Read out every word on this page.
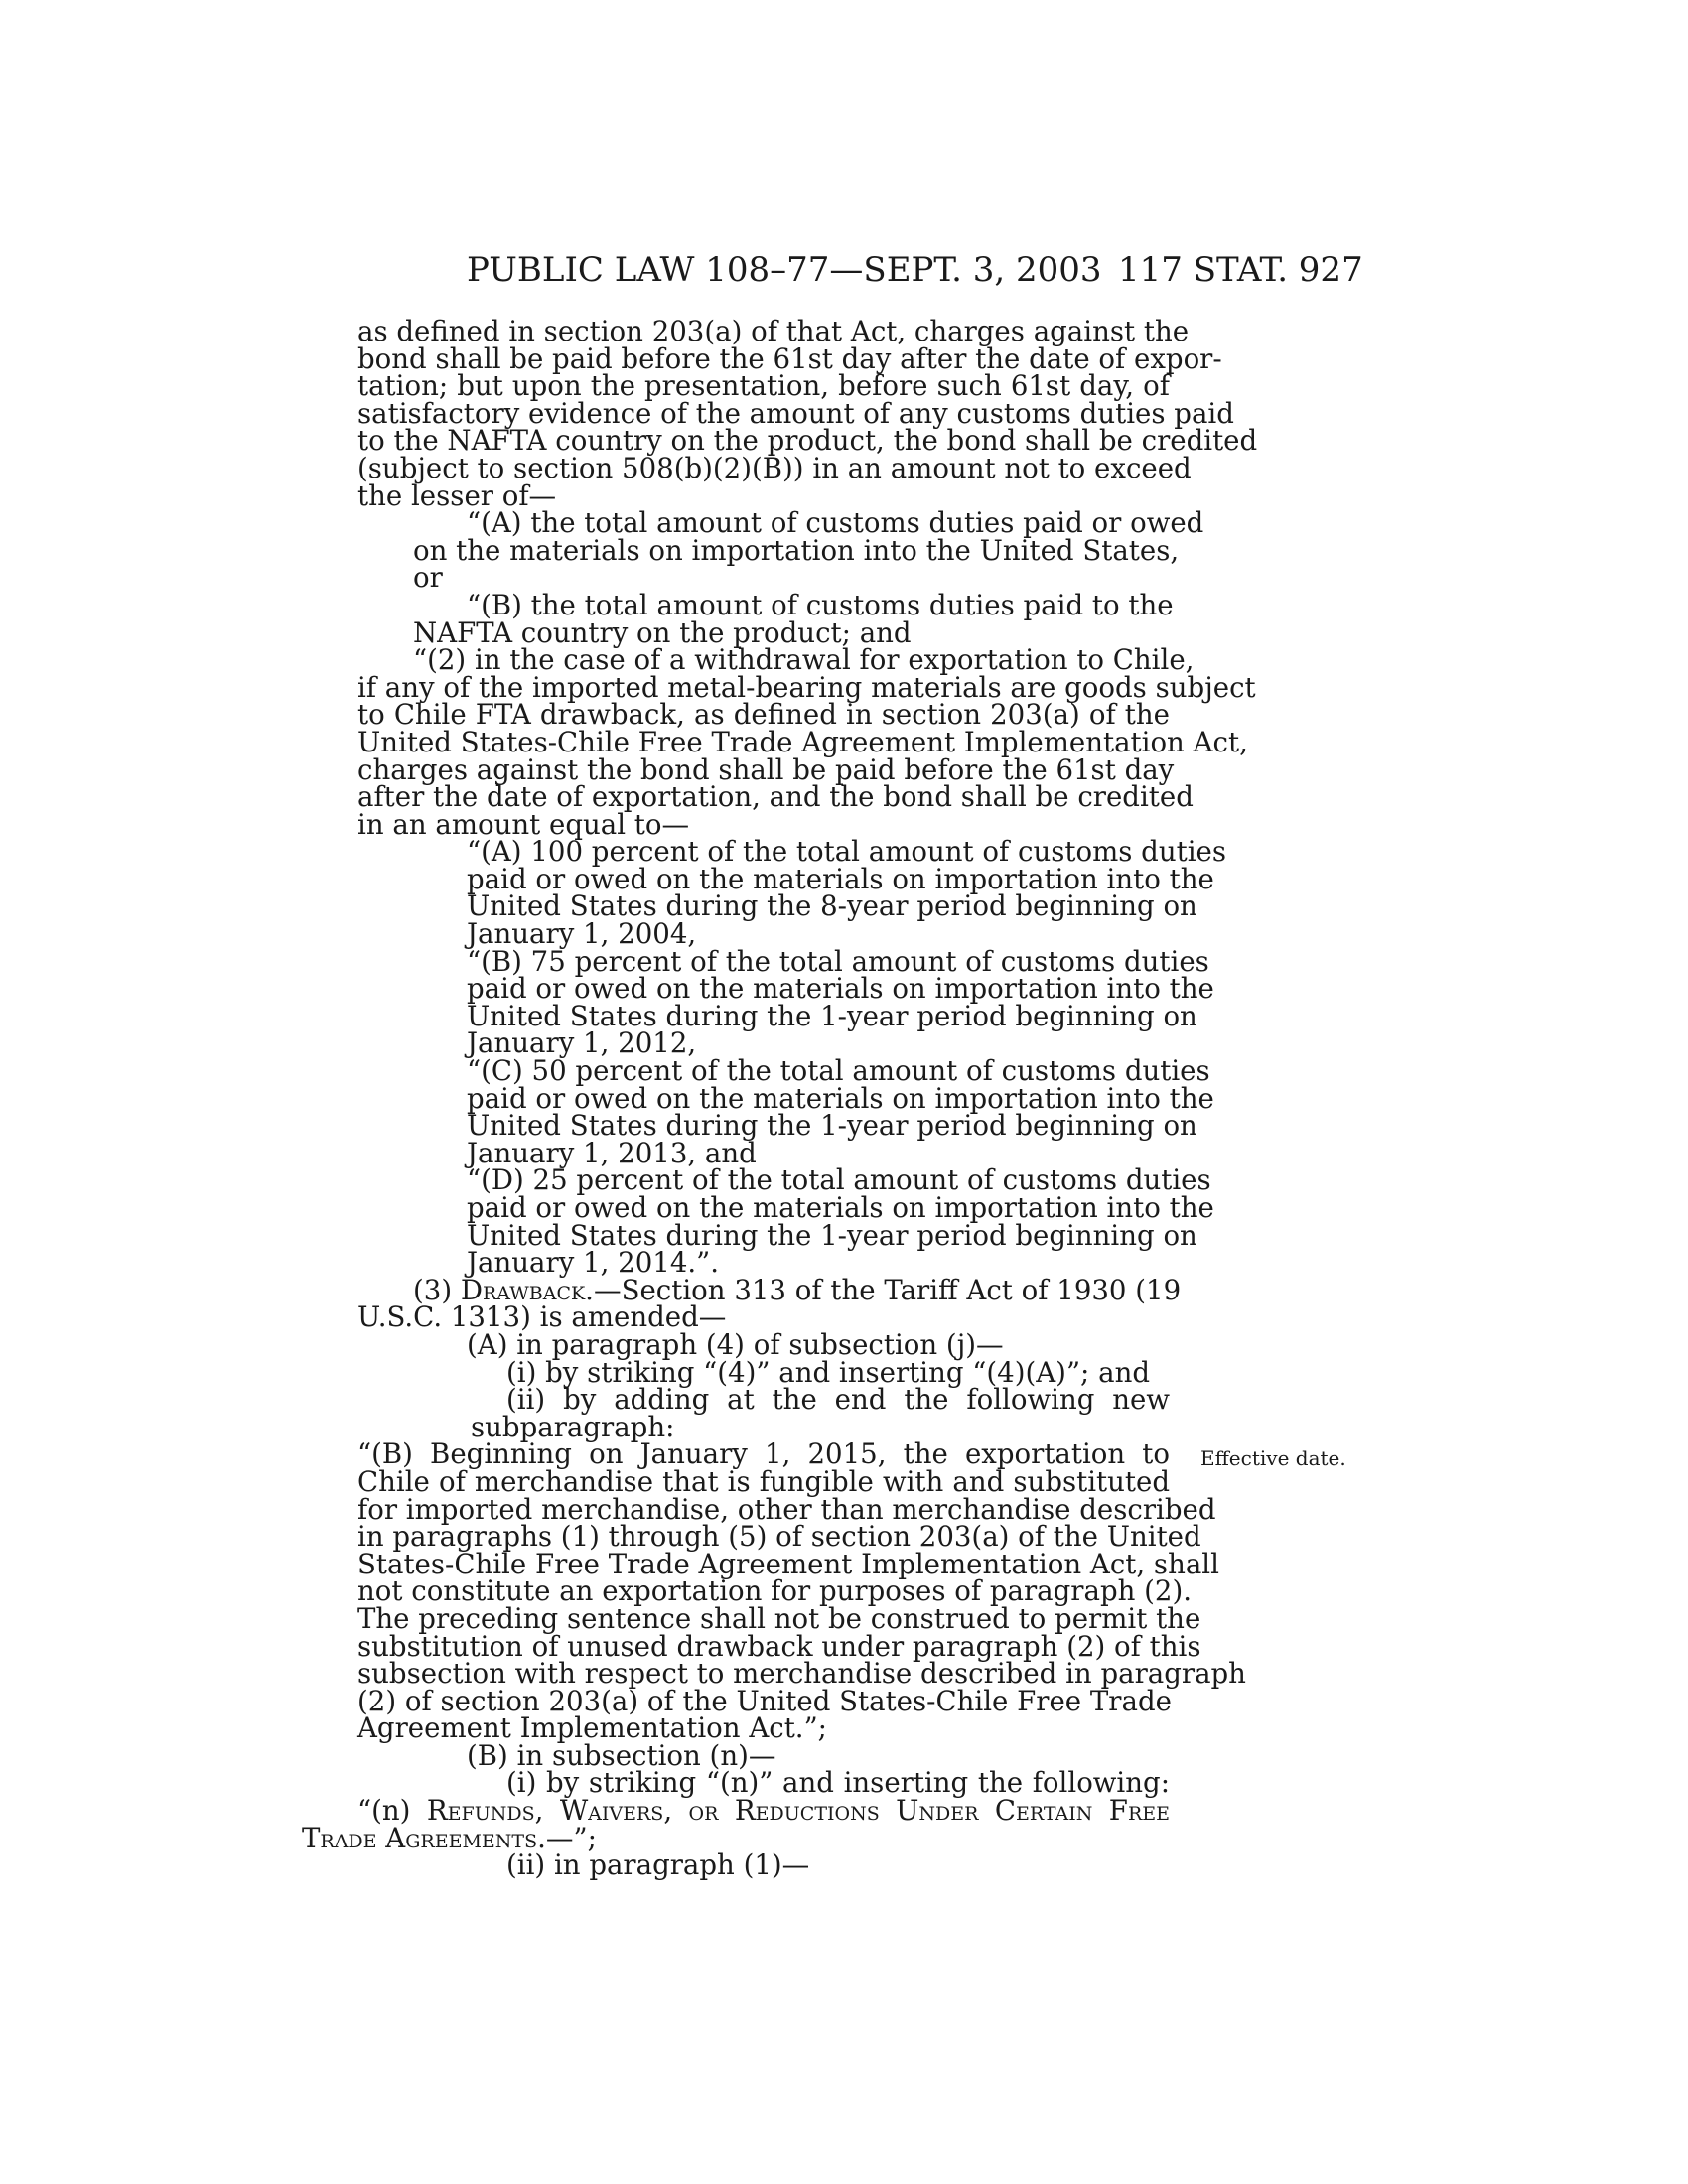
PUBLIC LAW 108–77—SEPT. 3, 2003 117 STAT. 927
as defined in section 203(a) of that Act, charges against the
bond shall be paid before the 61st day after the date of expor-
tation; but upon the presentation, before such 61st day, of
satisfactory evidence of the amount of any customs duties paid
to the NAFTA country on the product, the bond shall be credited
(subject to section 508(b)(2)(B)) in an amount not to exceed
the lesser of—
“(A) the total amount of customs duties paid or owed
on the materials on importation into the United States,
or
“(B) the total amount of customs duties paid to the
NAFTA country on the product; and
“(2) in the case of a withdrawal for exportation to Chile,
if any of the imported metal-bearing materials are goods subject
to Chile FTA drawback, as defined in section 203(a) of the
United States-Chile Free Trade Agreement Implementation Act,
charges against the bond shall be paid before the 61st day
after the date of exportation, and the bond shall be credited
in an amount equal to—
“(A) 100 percent of the total amount of customs duties
paid or owed on the materials on importation into the
United States during the 8-year period beginning on
January 1, 2004,
“(B) 75 percent of the total amount of customs duties
paid or owed on the materials on importation into the
United States during the 1-year period beginning on
January 1, 2012,
“(C) 50 percent of the total amount of customs duties
paid or owed on the materials on importation into the
United States during the 1-year period beginning on
January 1, 2013, and
“(D) 25 percent of the total amount of customs duties
paid or owed on the materials on importation into the
United States during the 1-year period beginning on
January 1, 2014.”.
(3) Drawback.—Section 313 of the Tariff Act of 1930 (19
U.S.C. 1313) is amended—
(A) in paragraph (4) of subsection (j)—
(i) by striking “(4)” and inserting “(4)(A)”; and
(ii) by adding at the end the following new
subparagraph:
“(B) Beginning on January 1, 2015, the exportation to
Chile of merchandise that is fungible with and substituted
for imported merchandise, other than merchandise described
in paragraphs (1) through (5) of section 203(a) of the United
States-Chile Free Trade Agreement Implementation Act, shall
not constitute an exportation for purposes of paragraph (2).
The preceding sentence shall not be construed to permit the
substitution of unused drawback under paragraph (2) of this
subsection with respect to merchandise described in paragraph
(2) of section 203(a) of the United States-Chile Free Trade
Agreement Implementation Act.”;
(B) in subsection (n)—
(i) by striking “(n)” and inserting the following:
“(n) Refunds, Waivers, or Reductions Under Certain Free
Trade Agreements.—”;
(ii) in paragraph (1)—
Effective date.
